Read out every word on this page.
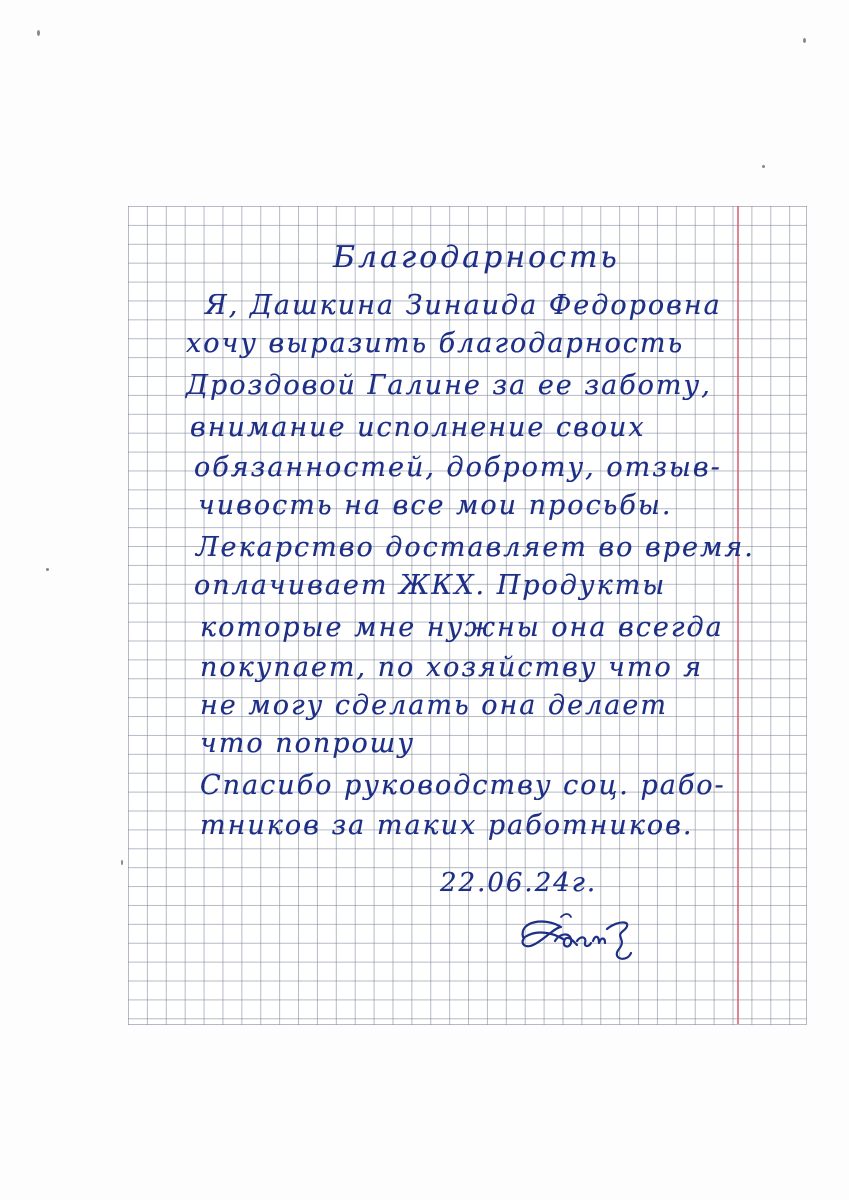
Благодарность
Я, Дашкина Зинаида Федоровна
хочу выразить благодарность
Дроздовой Галине за ее заботу,
внимание исполнение своих
обязанностей, доброту, отзыв-
чивость на все мои просьбы.
Лекарство доставляет во время.
оплачивает ЖКХ. Продукты
которые мне нужны она всегда
покупает, по хозяйству что я
не могу сделать она делает
что попрошу
Спасибо руководству соц. рабо-
тников за таких работников.
22.06.24г.
